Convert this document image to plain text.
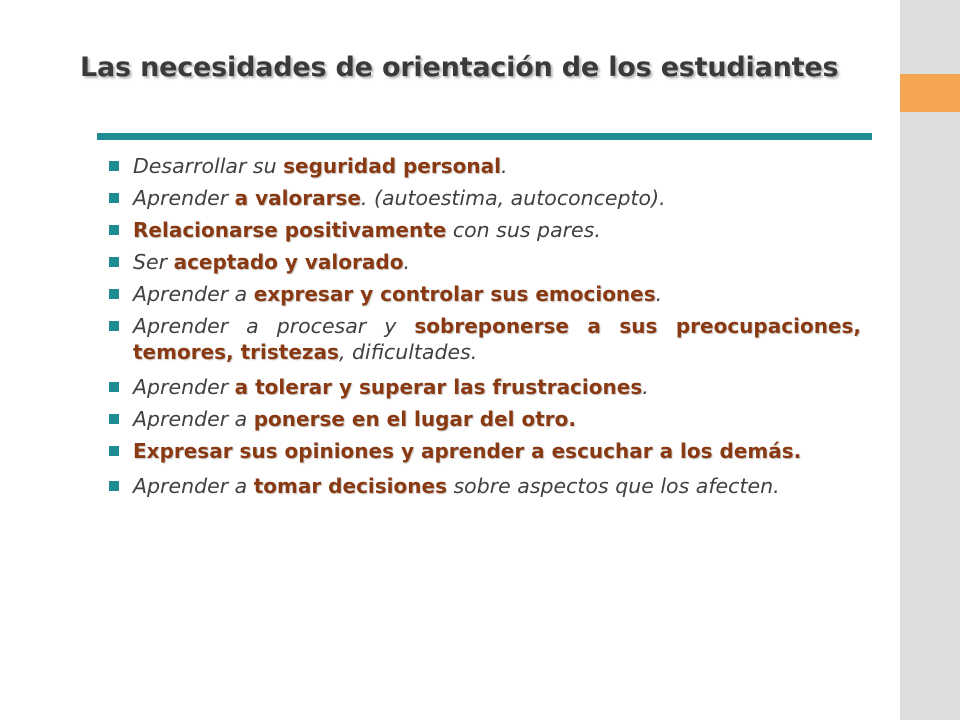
Las necesidades de orientación de los estudiantes
Desarrollar su seguridad personal.
Aprender a valorarse. (autoestima, autoconcepto).
Relacionarse positivamente con sus pares.
Ser aceptado y valorado.
Aprender a expresar y controlar sus emociones.
Aprender a procesar y sobreponerse a sus preocupaciones, temores, tristezas, dificultades.
Aprender a tolerar y superar las frustraciones.
Aprender a ponerse en el lugar del otro.
Expresar sus opiniones y aprender a escuchar a los demás.
Aprender a tomar decisiones sobre aspectos que los afecten.
